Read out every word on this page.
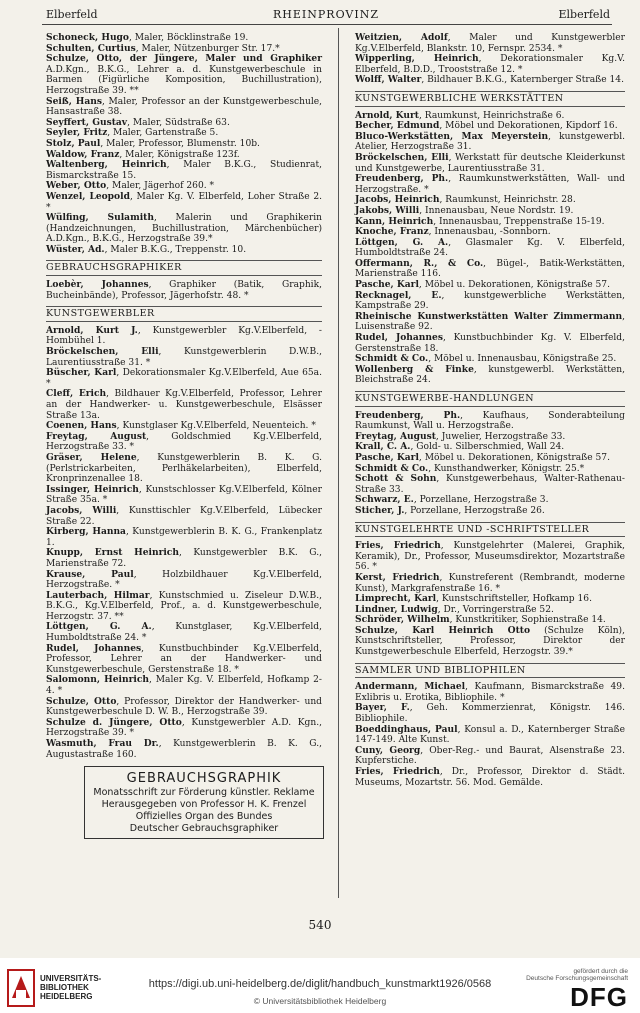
Elberfeld	RHEINPROVINZ	Elberfeld

Schoneck, Hugo, Maler, Böcklinstraße 19.

Schulten, Curtius, Maler, Nützenburger Str. 17.*

Schulze, Otto, der Jüngere, Maler und Graphiker A.D.Kgn., B.K.G., Lehrer a. d. Kunstgewerbeschule in Barmen (Figürliche Komposition, Buchillustration), Herzogstraße 39. **

Seiß, Hans, Maler, Professor an der Kunstgewerbeschule, Hansastraße 38.

Seyffert, Gustav, Maler, Südstraße 63.

Seyler, Fritz, Maler, Gartenstraße 5.

Stolz, Paul, Maler, Professor, Blumenstr. 10b.

Waldow, Franz, Maler, Königstraße 123f.

Waltenberg, Heinrich, Maler B.K.G., Studienrat, Bismarckstraße 15.

Weber, Otto, Maler, Jägerhof 260. *

Wenzel, Leopold, Maler Kg. V. Elberfeld, Loher Straße 2. *

Wülfing, Sulamith, Malerin und Graphikerin (Handzeichnungen, Buchillustration, Märchenbücher) A.D.Kgn., B.K.G., Herzogstraße 39.*

Wüster, Ad., Maler B.K.G., Treppenstr. 10.

GEBRAUCHSGRAPHIKER

Loebèr, Johannes, Graphiker (Batik, Graphik, Bucheinbände), Professor, Jägerhofstr. 48. *

KUNSTGEWERBLER

Arnold, Kurt J., Kunstgewerbler Kg.V.Elberfeld, -Hombühel 1.

Bröckelschen, Elli, Kunstgewerblerin D.W.B., Laurentiusstraße 31. *

Büscher, Karl, Dekorationsmaler Kg.V.Elberfeld, Aue 65a. *

Cleff, Erich, Bildhauer Kg.V.Elberfeld, Professor, Lehrer an der Handwerker- u. Kunstgewerbeschule, Elsässer Straße 13a.

Coenen, Hans, Kunstglaser Kg.V.Elberfeld, Neuenteich. *

Freytag, August, Goldschmied Kg.V.Elberfeld, Herzogstraße 33. *

Gräser, Helene, Kunstgewerblerin B. K. G. (Perlstrickarbeiten, Perlhäkelarbeiten), Elberfeld, Kronprinzenallee 18.

Issinger, Heinrich, Kunstschlosser Kg.V.Elberfeld, Kölner Straße 35a. *

Jacobs, Willi, Kunsttischler Kg.V.Elberfeld, Lübecker Straße 22.

Kirberg, Hanna, Kunstgewerblerin B. K. G., Frankenplatz 1.

Knupp, Ernst Heinrich, Kunstgewerbler B.K. G., Marienstraße 72.

Krause, Paul, Holzbildhauer Kg.V.Elberfeld, Herzogstraße. *

Lauterbach, Hilmar, Kunstschmied u. Ziseleur D.W.B., B.K.G., Kg.V.Elberfeld, Prof., a. d. Kunstgewerbeschule, Herzogstr. 37. **

Löttgen, G. A., Kunstglaser, Kg.V.Elberfeld, Humboldtstraße 24. *

Rudel, Johannes, Kunstbuchbinder Kg.V.Elberfeld, Professor, Lehrer an der Handwerker- und Kunstgewerbeschule, Gerstenstraße 18. *

Salomonn, Heinrich, Maler Kg. V. Elberfeld, Hofkamp 2-4. *

Schulze, Otto, Professor, Direktor der Handwerker- und Kunstgewerbeschule D. W. B., Herzogstraße 39.

Schulze d. Jüngere, Otto, Kunstgewerbler A.D. Kgn., Herzogstraße 39. *

Wasmuth, Frau Dr., Kunstgewerblerin B. K. G., Augustastraße 160.

GEBRAUCHSGRAPHIK
Monatsschrift zur Förderung künstler. Reklame
Herausgegeben von Professor H. K. Frenzel
Offizielles Organ des Bundes
Deutscher Gebrauchsgraphiker

Weitzien, Adolf, Maler und Kunstgewerbler Kg.V.Elberfeld, Blankstr. 10, Fernspr. 2534. *

Wipperling, Heinrich, Dekorationsmaler Kg.V. Elberfeld, B.D.D., Trooststraße 12. *

Wolff, Walter, Bildhauer B.K.G., Katernberger Straße 14.

KUNSTGEWERBLICHE WERKSTÄTTEN

Arnold, Kurt, Raumkunst, Heinrichstraße 6.

Becher, Edmund, Möbel und Dekorationen, Kipdorf 16.

Bluco-Werkstätten, Max Meyerstein, kunstgewerbl. Atelier, Herzogstraße 31.

Bröckelschen, Elli, Werkstatt für deutsche Kleiderkunst und Kunstgewerbe, Laurentiusstraße 31.

Freudenberg, Ph., Raumkunstwerkstätten, Wall- und Herzogstraße. *

Jacobs, Heinrich, Raumkunst, Heinrichstr. 28.

Jakobs, Willi, Innenausbau, Neue Nordstr. 19.

Kann, Heinrich, Innenausbau, Treppenstraße 15-19.

Knoche, Franz, Innenausbau, -Sonnborn.

Löttgen, G. A., Glasmaler Kg. V. Elberfeld, Humboldtstraße 24.

Offermann, R., & Co., Bügel-, Batik-Werkstätten, Marienstraße 116.

Pasche, Karl, Möbel u. Dekorationen, Königstraße 57.

Recknagel, E., kunstgewerbliche Werkstätten, Kampstraße 29.

Rheinische Kunstwerkstätten Walter Zimmermann, Luisenstraße 92.

Rudel, Johannes, Kunstbuchbinder Kg. V. Elberfeld, Gerstenstraße 18.

Schmidt & Co., Möbel u. Innenausbau, Königstraße 25.

Wollenberg & Finke, kunstgewerbl. Werkstätten, Bleichstraße 24.

KUNSTGEWERBE-HANDLUNGEN

Freudenberg, Ph., Kaufhaus, Sonderabteilung Raumkunst, Wall u. Herzogstraße.

Freytag, August, Juwelier, Herzogstraße 33.

Krall, C. A., Gold- u. Silberschmied, Wall 24.

Pasche, Karl, Möbel u. Dekorationen, Königstraße 57.

Schmidt & Co., Kunsthandwerker, Königstr. 25.*

Schott & Sohn, Kunstgewerbehaus, Walter-Rathenau-Straße 33.

Schwarz, E., Porzellane, Herzogstraße 3.

Sticher, J., Porzellane, Herzogstraße 26.

KUNSTGELEHRTE UND -SCHRIFTSTELLER

Fries, Friedrich, Kunstgelehrter (Malerei, Graphik, Keramik), Dr., Professor, Museumsdirektor, Mozartstraße 56. *

Kerst, Friedrich, Kunstreferent (Rembrandt, moderne Kunst), Markgrafenstraße 16. *

Limprecht, Karl, Kunstschriftsteller, Hofkamp 16.

Lindner, Ludwig, Dr., Vorringerstraße 52.

Schröder, Wilhelm, Kunstkritiker, Sophienstraße 14.

Schulze, Karl Heinrich Otto (Schulze Köln), Kunstschriftsteller, Professor, Direktor der Kunstgewerbeschule Elberfeld, Herzogstr. 39.*

SAMMLER UND BIBLIOPHILEN

Andermann, Michael, Kaufmann, Bismarckstraße 49. Exlibris u. Erotika, Bibliophile. *

Bayer, F., Geh. Kommerzienrat, Königstr. 146. Bibliophile.

Boeddinghaus, Paul, Konsul a. D., Katernberger Straße 147-149. Alte Kunst.

Cuny, Georg, Ober-Reg.- und Baurat, Alsenstraße 23. Kupferstiche.

Fries, Friedrich, Dr., Professor, Direktor d. Städt. Museums, Mozartstr. 56. Mod. Gemälde.

540
UNIVERSITÄTS-
BIBLIOTHEK
HEIDELBERG
https://digi.ub.uni-heidelberg.de/diglit/handbuch_kunstmarkt1926/0568
© Universitätsbibliothek Heidelberg
gefördert durch die
Deutsche Forschungsgemeinschaft
DFG
